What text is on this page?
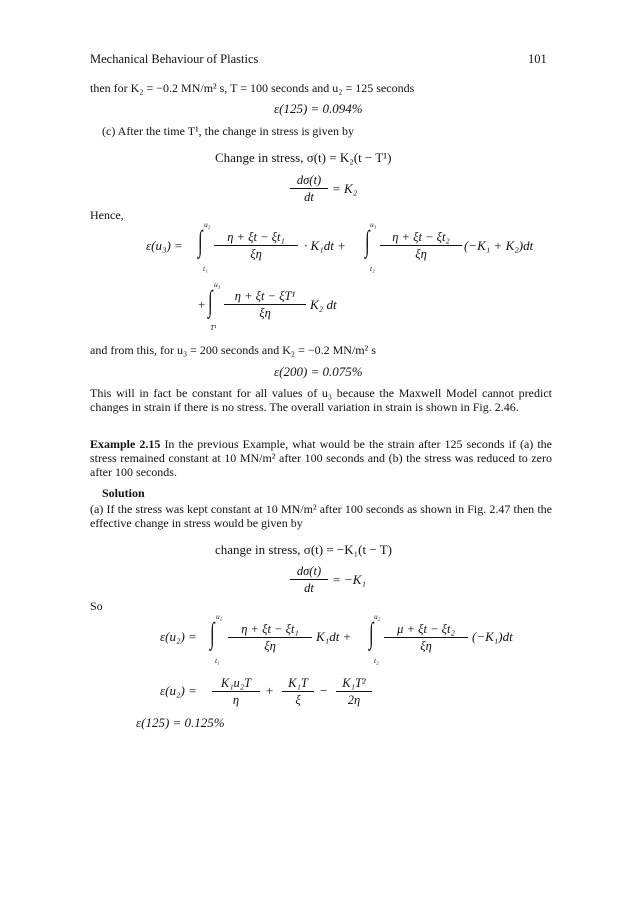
Mechanical Behaviour of Plastics	101
then for K₂ = −0.2 MN/m² s, T = 100 seconds and u₂ = 125 seconds
ε(125) = 0.094%
(c) After the time T¹, the change in stress is given by
Change in stress, σ(t) = K₂(t − T¹)
dσ(t)
dt
= K₂
Hence,
ε(u₃) =
u₂
∫
t₁
η + ξt − ξt₁
ξη
· K₁dt +
u₃
∫
t₂
η + ξt − ξt₂
ξη
(−K₁ + K₂)dt
+
u₃
∫
T¹
η + ξt − ξT¹
ξη
K₂ dt
and from this, for u₃ = 200 seconds and K₂ = −0.2 MN/m² s
ε(200) = 0.075%
This will in fact be constant for all values of u₃ because the Maxwell Model cannot predict changes in strain if there is no stress. The overall variation in strain is shown in Fig. 2.46.
Example 2.15 In the previous Example, what would be the strain after 125 seconds if (a) the stress remained constant at 10 MN/m² after 100 seconds and (b) the stress was reduced to zero after 100 seconds.
Solution
(a) If the stress was kept constant at 10 MN/m² after 100 seconds as shown in Fig. 2.47 then the effective change in stress would be given by
change in stress, σ(t) = −K₁(t − T)
dσ(t)
dt
= −K₁
So
ε(u₂) =
u₂
∫
t₁
η + ξt − ξt₁
ξη
K₁dt +
u₂
∫
t₂
μ + ξt − ξt₂
ξη
(−K₁)dt
ε(u₂) =	K₁u₂T
η
+	K₁T
ξ
−	K₁T²
2η
ε(125) = 0.125%
